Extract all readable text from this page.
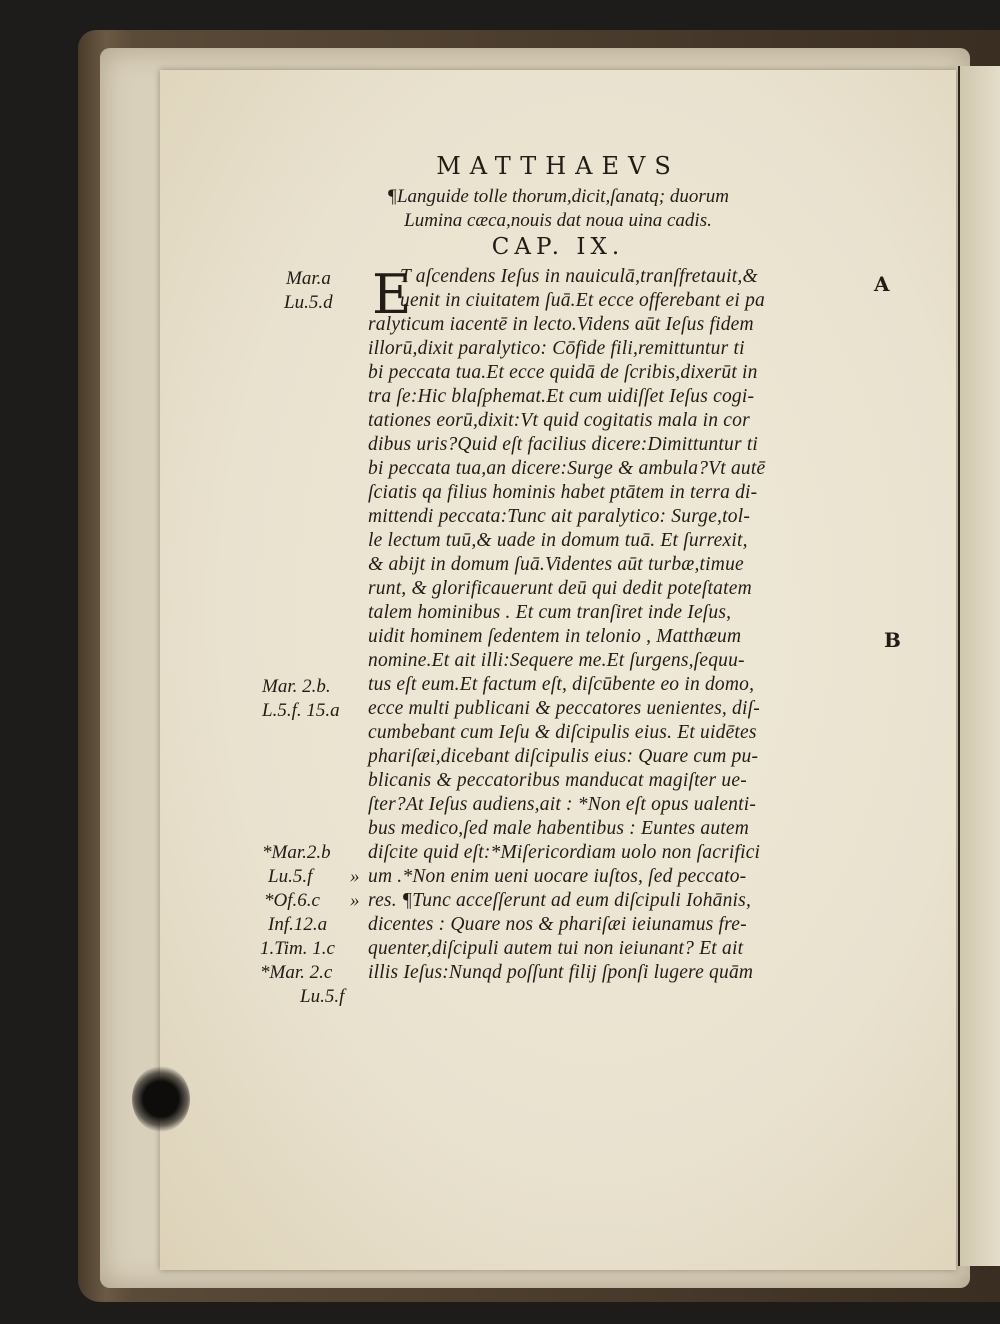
MATTHAEVS
¶Languide tolle thorum,dicit,ſanatq; duorum
Lumina cæca,nouis dat noua uina cadis.
CAP. IX.
E
T aſcendens Ieſus in nauiculā,tranſfretauit,&
uenit in ciuitatem ſuā.Et ecce offerebant ei pa
ralyticum iacentē in lecto.Videns aūt Ieſus fidem
illorū,dixit paralytico: Cōfide fili,remittuntur ti
bi peccata tua.Et ecce quidā de ſcribis,dixerūt in
tra ſe:Hic blaſphemat.Et cum uidiſſet Ieſus cogi-
tationes eorū,dixit:Vt quid cogitatis mala in cor
dibus uris?Quid eſt facilius dicere:Dimittuntur ti
bi peccata tua,an dicere:Surge & ambula?Vt autē
ſciatis qa filius hominis habet ptātem in terra di-
mittendi peccata:Tunc ait paralytico: Surge,tol-
le lectum tuū,& uade in domum tuā. Et ſurrexit,
& abijt in domum ſuā.Videntes aūt turbæ,timue
runt, & glorificauerunt deū qui dedit poteſtatem
talem hominibus . Et cum tranſiret inde Ieſus,
uidit hominem ſedentem in telonio , Matthæum
nomine.Et ait illi:Sequere me.Et ſurgens,ſequu-
tus eſt eum.Et factum eſt, diſcūbente eo in domo,
ecce multi publicani & peccatores uenientes, diſ-
cumbebant cum Ieſu & diſcipulis eius. Et uidētes
phariſæi,dicebant diſcipulis eius: Quare cum pu-
blicanis & peccatoribus manducat magiſter ue-
ſter?At Ieſus audiens,ait : *Non eſt opus ualenti-
bus medico,ſed male habentibus : Euntes autem
diſcite quid eſt:*Miſericordiam uolo non ſacrifici
um .*Non enim ueni uocare iuſtos, ſed peccato-
res. ¶Tunc acceſſerunt ad eum diſcipuli Iohānis,
dicentes : Quare nos & phariſæi ieiunamus fre-
quenter,diſcipuli autem tui non ieiunant? Et ait
illis Ieſus:Nunqd poſſunt filij ſponſi lugere quām
Mar.a
Lu.5.d
Mar. 2.b.
L.5.f. 15.a
*Mar.2.b
Lu.5.f
*Of.6.c
Inf.12.a
1.Tim. 1.c
*Mar. 2.c
Lu.5.f
»
»
A
B
